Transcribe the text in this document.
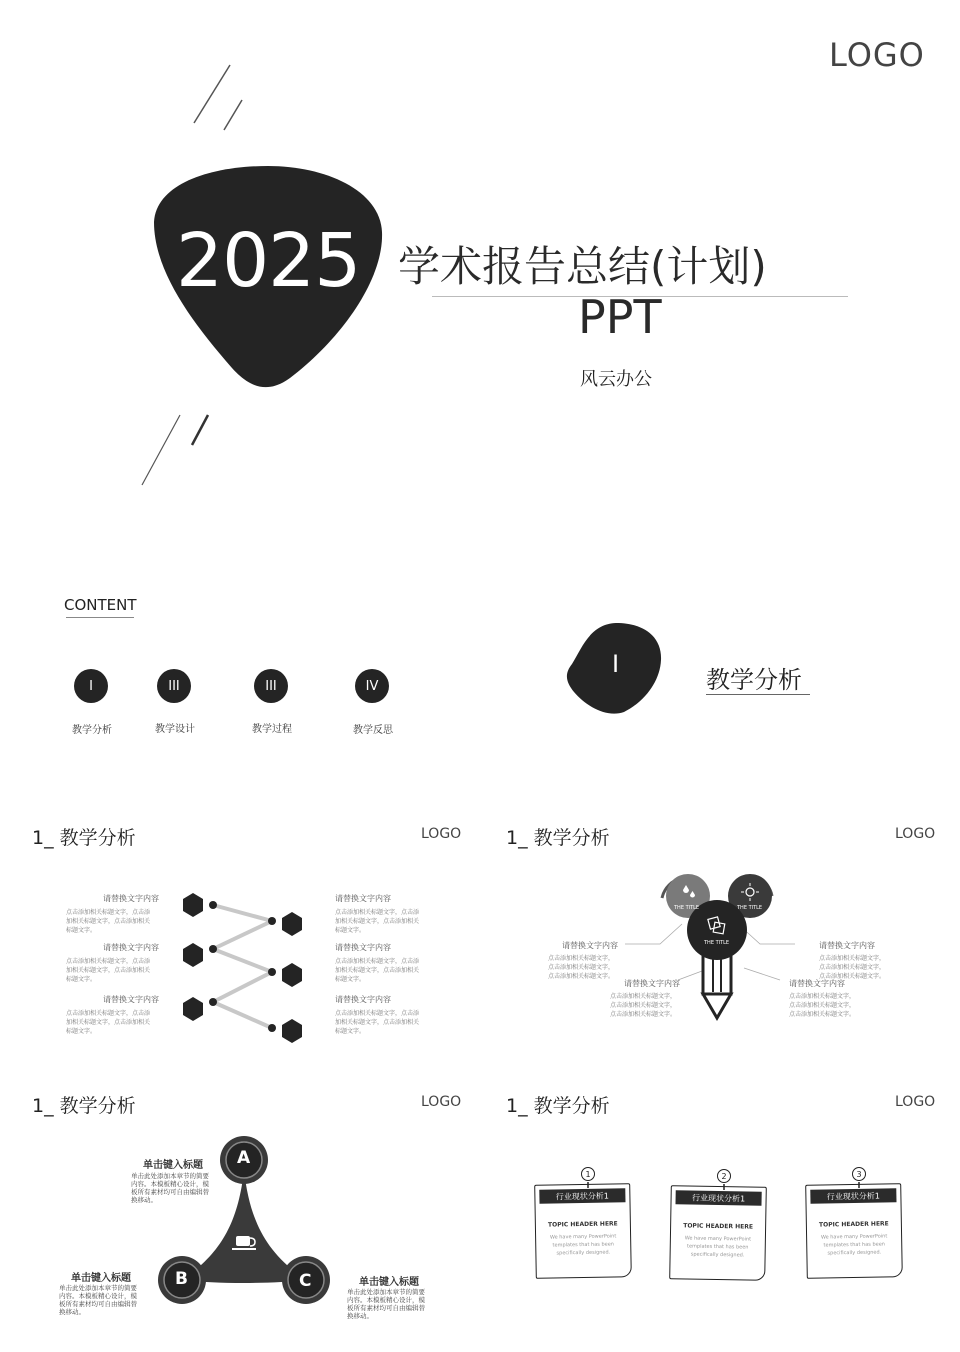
LOGO
2025 学术报告总结(计划)
PPT
风云办公
CONTENT
I	III	III	IV
教学分析	教学设计	教学过程	教学反思
I
教学分析
1_ 教学分析	LOGO
请替换文字内容
点击添加相关标题文字，点击添加相关标题文字，点击添加相关标题文字。
请替换文字内容
点击添加相关标题文字，点击添加相关标题文字，点击添加相关标题文字。
请替换文字内容
点击添加相关标题文字，点击添加相关标题文字，点击添加相关标题文字。
请替换文字内容
点击添加相关标题文字，点击添加相关标题文字，点击添加相关标题文字。
请替换文字内容
点击添加相关标题文字，点击添加相关标题文字，点击添加相关标题文字。
请替换文字内容
点击添加相关标题文字，点击添加相关标题文字，点击添加相关标题文字。
1_ 教学分析	LOGO
THE TITLE	THE TITLE
THE TITLE
请替换文字内容
点击添加相关标题文字，点击添加相关标题文字，点击添加相关标题文字。
请替换文字内容
点击添加相关标题文字，点击添加相关标题文字，点击添加相关标题文字。
请替换文字内容
点击添加相关标题文字，点击添加相关标题文字，点击添加相关标题文字。
请替换文字内容
点击添加相关标题文字，点击添加相关标题文字，点击添加相关标题文字。
1_ 教学分析	LOGO
A
B	C
单击键入标题
单击此处添加本章节的简要内容。本模板精心设计，模板所有素材均可自由编辑替换移动。
单击键入标题
单击此处添加本章节的简要内容。本模板精心设计，模板所有素材均可自由编辑替换移动。
单击键入标题
单击此处添加本章节的简要内容。本模板精心设计，模板所有素材均可自由编辑替换移动。
1_ 教学分析	LOGO
行业现状分析1
TOPIC HEADER HERE
We have many PowerPoint templates that has been specifically designed.
行业现状分析1
TOPIC HEADER HERE
We have many PowerPoint templates that has been specifically designed.
行业现状分析1
TOPIC HEADER HERE
We have many PowerPoint templates that has been specifically designed.
1	2	3
